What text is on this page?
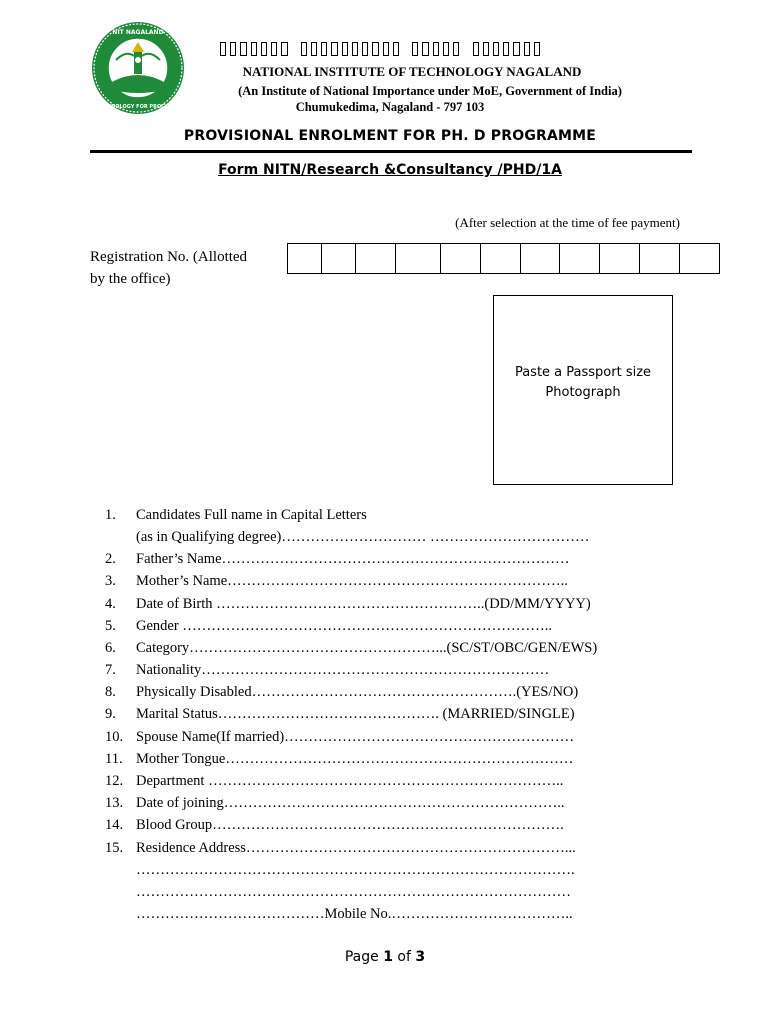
NIT NAGALAND
TECHNOLOGY FOR PROGRESS
NATIONAL INSTITUTE OF TECHNOLOGY NAGALAND
(An Institute of National Importance under MoE, Government of India)
Chumukedima, Nagaland - 797 103
PROVISIONAL ENROLMENT FOR PH. D PROGRAMME
Form NITN/Research &Consultancy /PHD/1A
(After selection at the time of fee payment)
Registration No. (Allotted
by the office)
Paste a Passport size
Photograph
1.	Candidates Full name in Capital Letters
(as in Qualifying degree)………………………… ……………………………
2.	Father’s Name………………………………………………………………
3.	Mother’s Name……………………………………………………………..
4.	Date of Birth ………………………………………………..(DD/MM/YYYY)
5.	Gender …………………………………………………………………..
6.	Category……………………………………………...(SC/ST/OBC/GEN/EWS)
7.	Nationality………………………………………………………………
8.	Physically Disabled……………………………………………….(YES/NO)
9.	Marital Status………………………………………. (MARRIED/SINGLE)
10. Spouse Name(If married)……………………………………………………
11. Mother Tongue………………………………………………………………
12. Department ………………………………………………………………..
13. Date of joining……………………………………………………………..
14. Blood Group……………………………………………………………….
15. Residence Address…………………………………………………………...
……………………………………………………………………………….
………………………………………………………………………………
…………………………………Mobile No.………………………………..
Page 1 of 3
